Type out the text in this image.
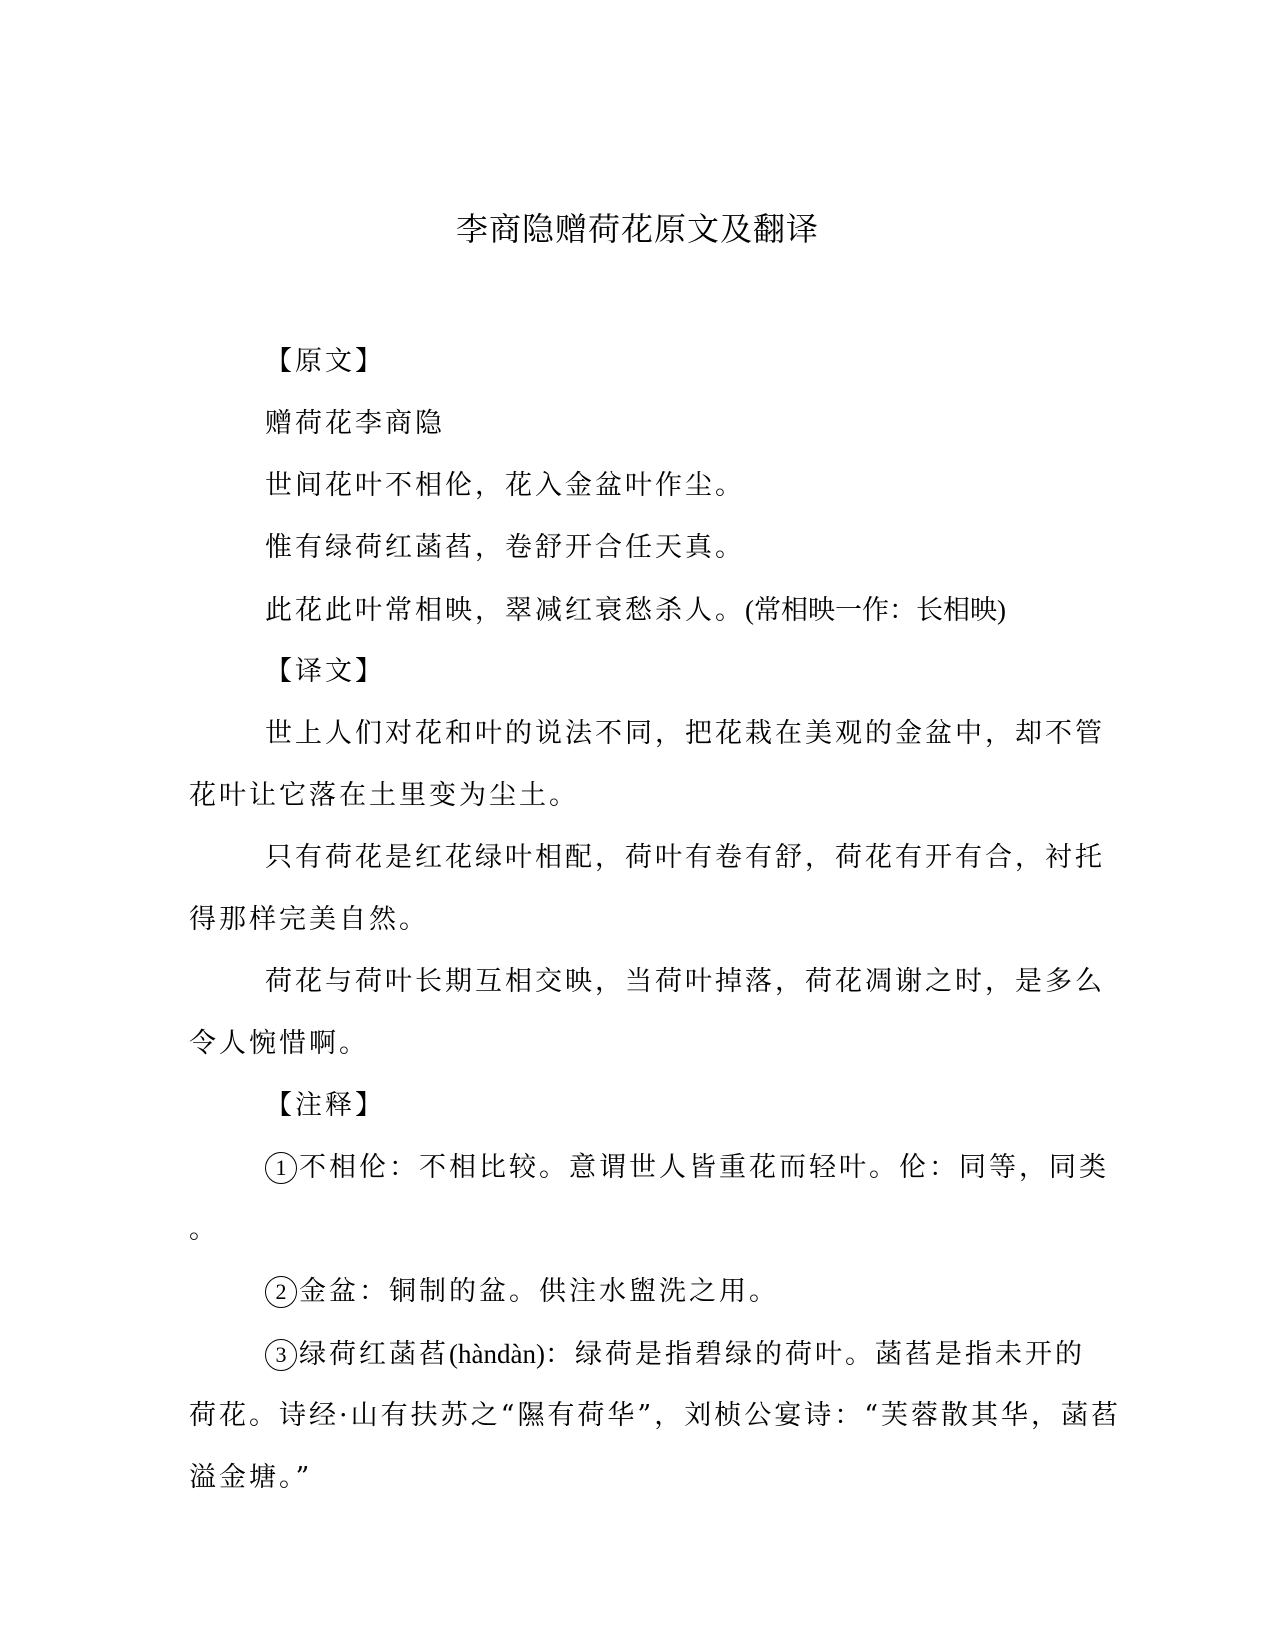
李商隐赠荷花原文及翻译
【原文】
赠荷花李商隐
世间花叶不相伦，花入金盆叶作尘。
惟有绿荷红菡萏，卷舒开合任天真。
此花此叶常相映，翠减红衰愁杀人。(常相映一作：长相映)
【译文】
世上人们对花和叶的说法不同，把花栽在美观的金盆中，却不管
花叶让它落在土里变为尘土。
只有荷花是红花绿叶相配，荷叶有卷有舒，荷花有开有合，衬托
得那样完美自然。
荷花与荷叶长期互相交映，当荷叶掉落，荷花凋谢之时，是多么
令人惋惜啊。
【注释】
1 不相伦：不相比较。意谓世人皆重花而轻叶。伦：同等，同类
。
2 金盆：铜制的盆。供注水盥洗之用。
3 绿荷红菡萏(hàndàn)：绿荷是指碧绿的荷叶。菡萏是指未开的
荷花。诗经·山有扶苏之“隰有荷华”，刘桢公宴诗：“芙蓉散其华，菡萏
溢金塘。”
